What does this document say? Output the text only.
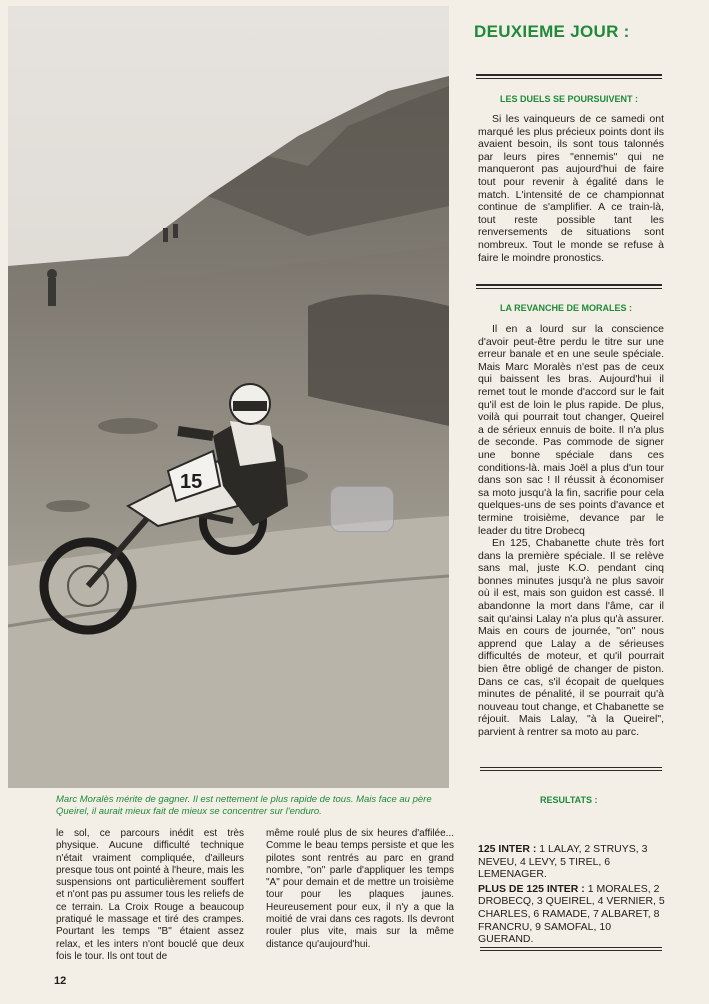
15
DEUXIEME JOUR :
LES DUELS SE POURSUIVENT :

Si les vainqueurs de ce samedi ont marqué les plus précieux points dont ils avaient besoin, ils sont tous talonnés par leurs pires "ennemis" qui ne manqueront pas aujourd'hui de faire tout pour revenir à égalité dans le match. L'intensité de ce championnat continue de s'amplifier. A ce train-là, tout reste possible tant les renversements de situations sont nombreux. Tout le monde se refuse à faire le moindre pronostics.

LA REVANCHE DE MORALES :

Il en a lourd sur la conscience d'avoir peut-être perdu le titre sur une erreur banale et en une seule spéciale. Mais Marc Moralès n'est pas de ceux qui baissent les bras. Aujourd'hui il remet tout le monde d'accord sur le fait qu'il est de loin le plus rapide. De plus, voilà qui pourrait tout changer, Queirel a de sérieux ennuis de boite. Il n'a plus de seconde. Pas commode de signer une bonne spéciale dans ces conditions-là. mais Joël a plus d'un tour dans son sac ! Il réussit à économiser sa moto jusqu'à la fin, sacrifie pour cela quelques-uns de ses points d'avance et termine troisième, devance par le leader du titre Drobecq

En 125, Chabanette chute très fort dans la première spéciale. Il se relève sans mal, juste K.O. pendant cinq bonnes minutes jusqu'à ne plus savoir où il est, mais son guidon est cassé. Il abandonne la mort dans l'âme, car il sait qu'ainsi Lalay n'a plus qu'à assurer. Mais en cours de journée, "on" nous apprend que Lalay a de sérieuses difficultés de moteur, et qu'il pourrait bien être obligé de changer de piston. Dans ce cas, s'il écopait de quelques minutes de pénalité, il se pourrait qu'à nouveau tout change, et Chabanette se réjouit. Mais Lalay, "à la Queirel", parvient à rentrer sa moto au parc.

Marc Moralès mérite de gagner. Il est nettement le plus rapide de tous. Mais face au père Queirel, il aurait mieux fait de mieux se concentrer sur l'enduro.

le sol, ce parcours inédit est très physique. Aucune difficulté technique n'était vraiment compliquée, d'ailleurs presque tous ont pointé à l'heure, mais les suspensions ont particulièrement souffert et n'ont pas pu assumer tous les reliefs de ce terrain. La Croix Rouge a beaucoup pratiqué le massage et tiré des crampes. Pourtant les temps "B" étaient assez relax, et les inters n'ont bouclé que deux fois le tour. Ils ont tout de

même roulé plus de six heures d'affilée... Comme le beau temps persiste et que les pilotes sont rentrés au parc en grand nombre, "on" parle d'appliquer les temps "A" pour demain et de mettre un troisième tour pour les plaques jaunes. Heureusement pour eux, il n'y a que la moitié de vrai dans ces ragots. Ils devront rouler plus vite, mais sur la même distance qu'aujourd'hui.

RESULTATS :

125 INTER : 1 LALAY, 2 STRUYS, 3 NEVEU, 4 LEVY, 5 TIREL, 6 LEMENAGER.

PLUS DE 125 INTER : 1 MORALES, 2 DROBECQ, 3 QUEIREL, 4 VERNIER, 5 CHARLES, 6 RAMADE, 7 ALBARET, 8 FRANCRU, 9 SAMOFAL, 10 GUERAND.

12
